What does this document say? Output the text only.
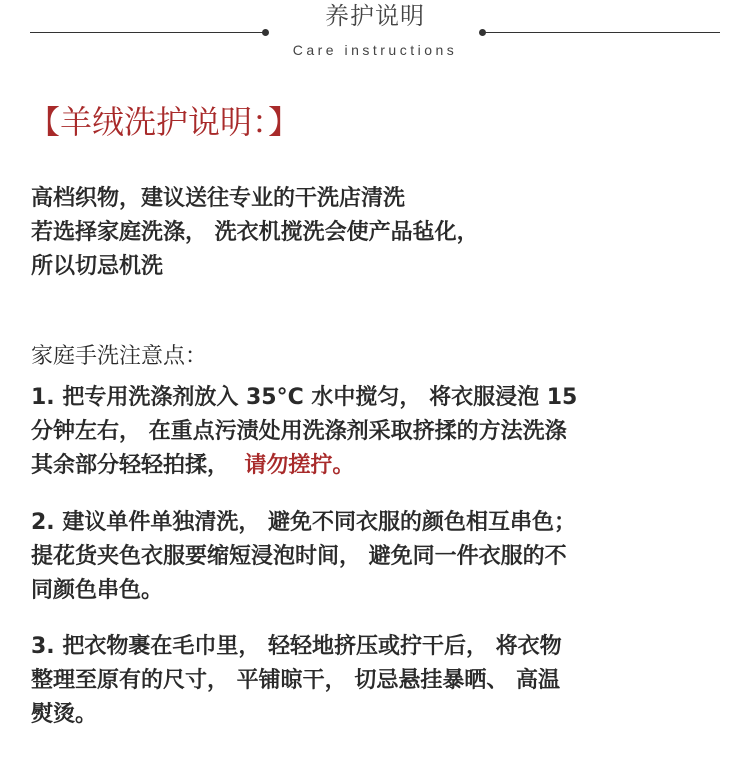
养护说明
Care instructions
【羊绒洗护说明：】
高档织物，建议送往专业的干洗店清洗
若选择家庭洗涤， 洗衣机搅洗会使产品毡化，
所以切忌机洗
家庭手洗注意点：
1. 把专用洗涤剂放入 35°C 水中搅匀， 将衣服浸泡 15
分钟左右， 在重点污渍处用洗涤剂采取挤揉的方法洗涤
其余部分轻轻拍揉，  请勿搓拧。
2. 建议单件单独清洗， 避免不同衣服的颜色相互串色；
提花货夹色衣服要缩短浸泡时间， 避免同一件衣服的不
同颜色串色。
3. 把衣物裹在毛巾里， 轻轻地挤压或拧干后， 将衣物
整理至原有的尺寸， 平铺晾干， 切忌悬挂暴晒、 高温
熨烫。
